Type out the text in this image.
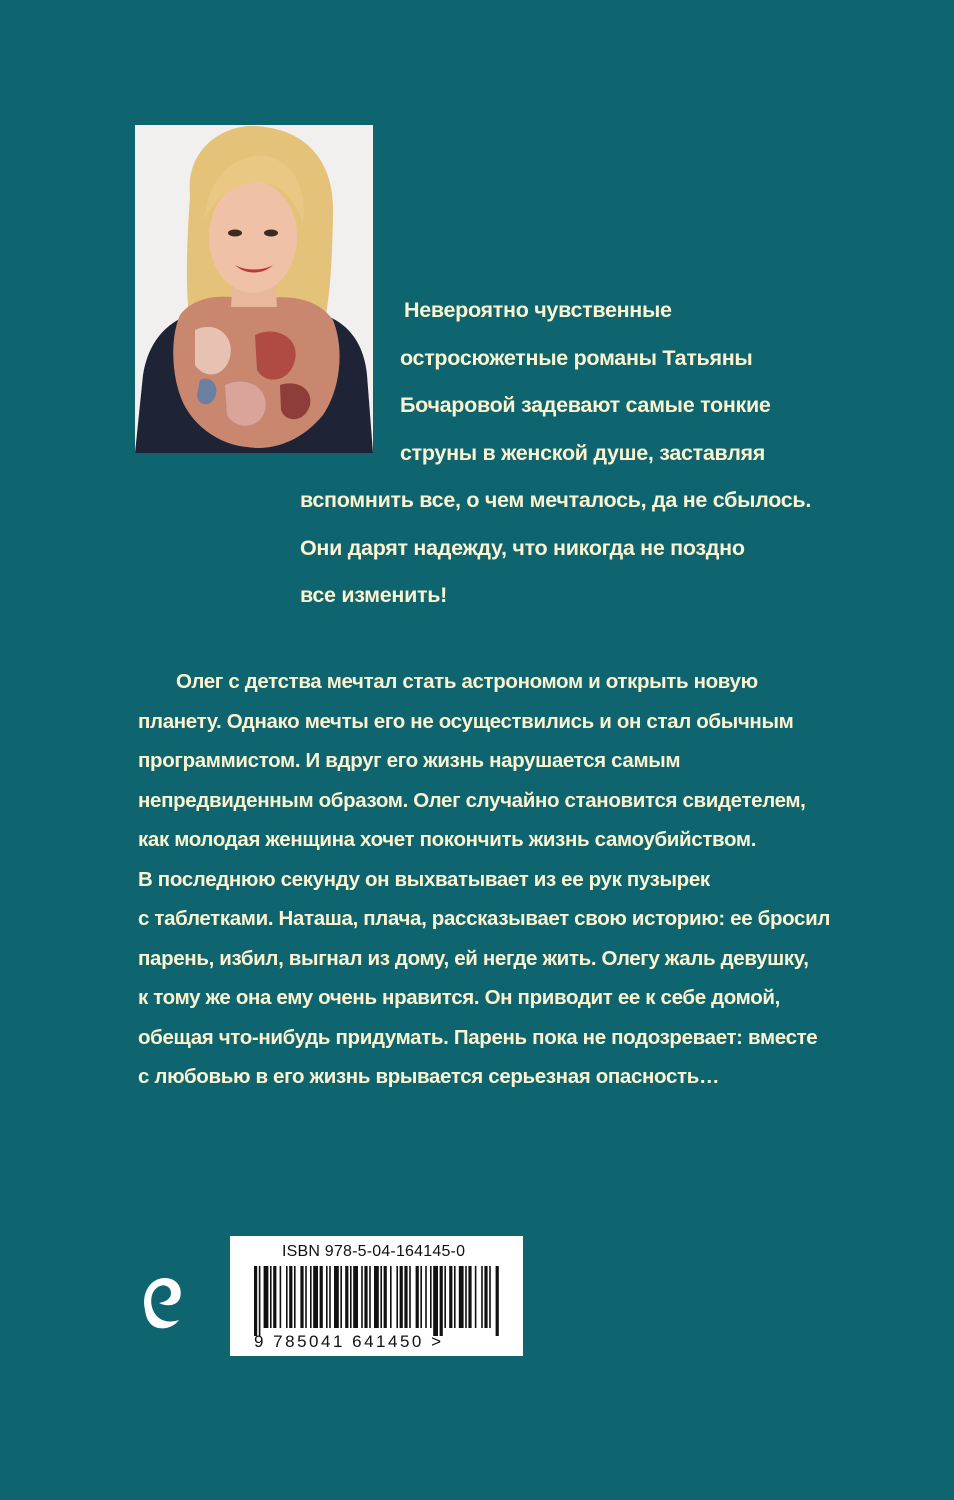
Невероятно чувственные
остросюжетные романы Татьяны
Бочаровой задевают самые тонкие
струны в женской душе, заставляя
вспомнить все, о чем мечталось, да не сбылось.
Они дарят надежду, что никогда не поздно
все изменить!
Олег с детства мечтал стать астрономом и открыть новую
планету. Однако мечты его не осуществились и он стал обычным
программистом. И вдруг его жизнь нарушается самым
непредвиденным образом. Олег случайно становится свидетелем,
как молодая женщина хочет покончить жизнь самоубийством.
В последнюю секунду он выхватывает из ее рук пузырек
с таблетками. Наташа, плача, рассказывает свою историю: ее бросил
парень, избил, выгнал из дому, ей негде жить. Олегу жаль девушку,
к тому же она ему очень нравится. Он приводит ее к себе домой,
обещая что-нибудь придумать. Парень пока не подозревает: вместе
с любовью в его жизнь врывается серьезная опасность…
ISBN 978-5-04-164145-0
9 785041 641450 >
